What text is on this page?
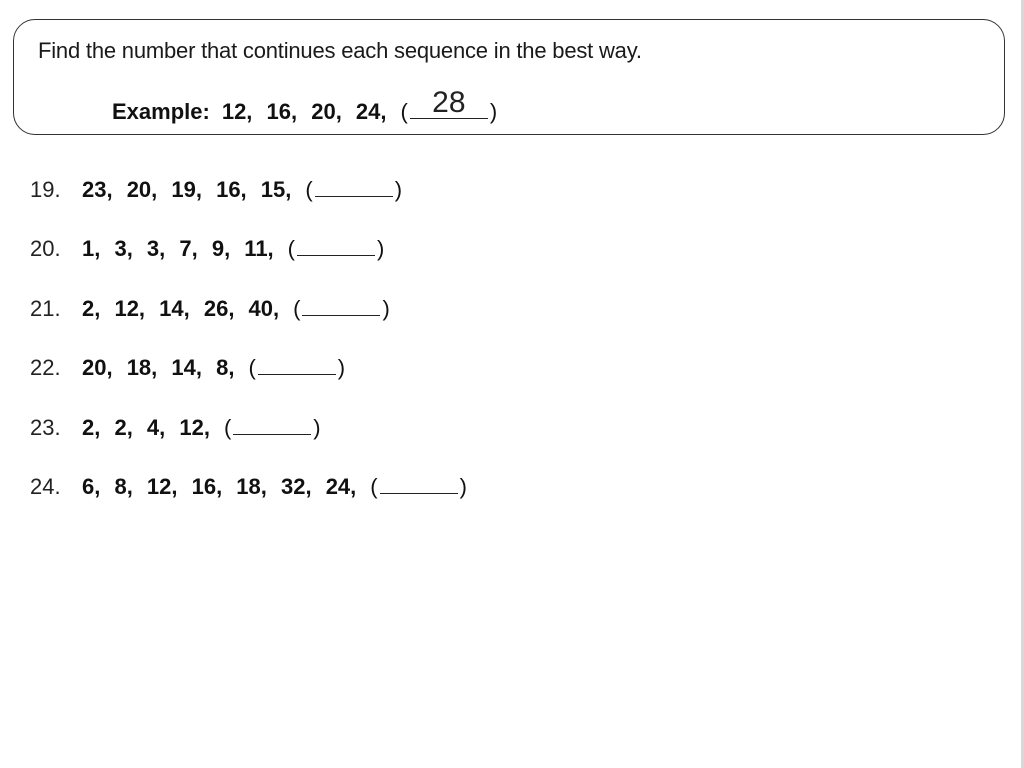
Find the number that continues each sequence in the best way.
Example: 12, 16, 20, 24, ( 28	)
19. 23, 20, 19, 16, 15, (	)
20. 1, 3, 3, 7, 9, 11, (	)
21. 2, 12, 14, 26, 40, (	)
22. 20, 18, 14, 8, (	)
23. 2, 2, 4, 12, (	)
24. 6, 8, 12, 16, 18, 32, 24, (	)
